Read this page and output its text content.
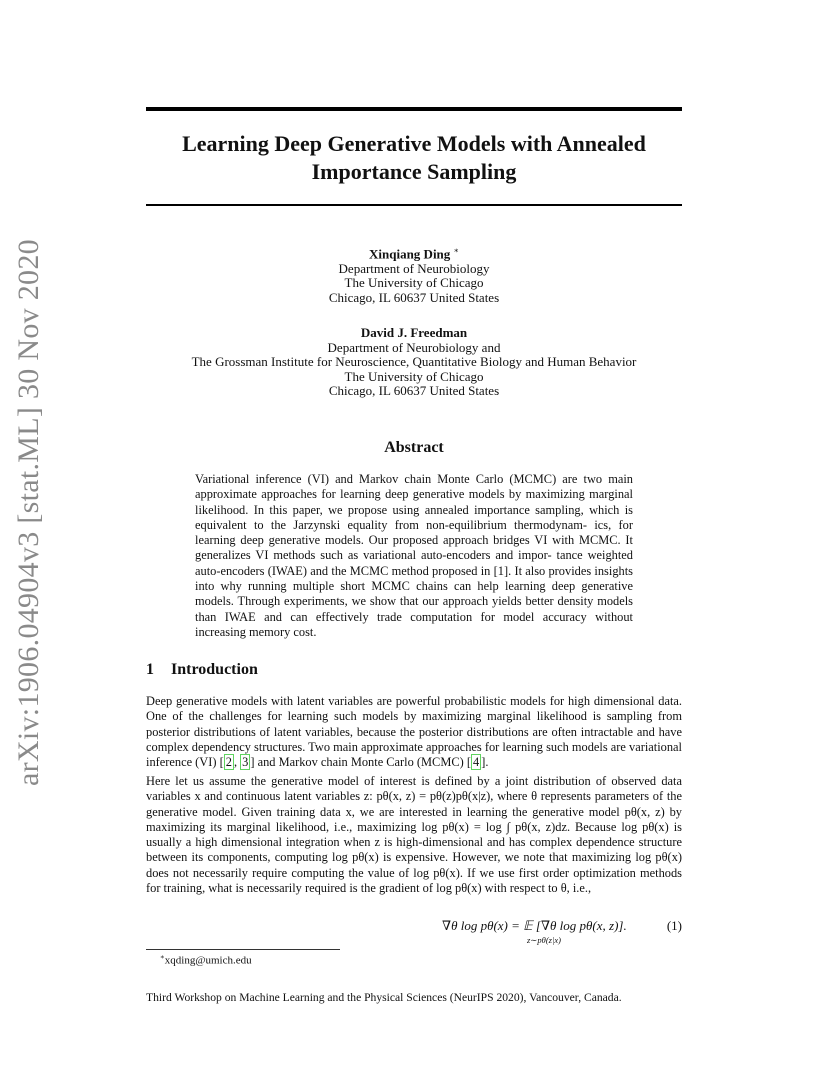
arXiv:1906.04904v3 [stat.ML] 30 Nov 2020
Learning Deep Generative Models with Annealed
Importance Sampling
Xinqiang Ding ∗
Department of Neurobiology
The University of Chicago
Chicago, IL 60637 United States
David J. Freedman
Department of Neurobiology and
The Grossman Institute for Neuroscience, Quantitative Biology and Human Behavior
The University of Chicago
Chicago, IL 60637 United States
Abstract
Variational inference (VI) and Markov chain Monte Carlo (MCMC) are two main approximate approaches for learning deep generative models by maximizing marginal likelihood. In this paper, we propose using annealed importance sampling, which is equivalent to the Jarzynski equality from non-equilibrium thermodynam- ics, for learning deep generative models. Our proposed approach bridges VI with MCMC. It generalizes VI methods such as variational auto-encoders and impor- tance weighted auto-encoders (IWAE) and the MCMC method proposed in [1]. It also provides insights into why running multiple short MCMC chains can help learning deep generative models. Through experiments, we show that our approach yields better density models than IWAE and can effectively trade computation for model accuracy without increasing memory cost.
1 Introduction

Deep generative models with latent variables are powerful probabilistic models for high dimensional data. One of the challenges for learning such models by maximizing marginal likelihood is sampling from posterior distributions of latent variables, because the posterior distributions are often intractable and have complex dependency structures. Two main approximate approaches for learning such models are variational inference (VI) [ 2 , 3 ] and Markov chain Monte Carlo (MCMC) [ 4 ].

Here let us assume the generative model of interest is defined by a joint distribution of observed data variables x and continuous latent variables z: pθ(x, z) = pθ(z)pθ(x|z), where θ represents parameters of the generative model. Given training data x, we are interested in learning the generative model pθ(x, z) by maximizing its marginal likelihood, i.e., maximizing log pθ(x) = log ∫ pθ(x, z)dz. Because log pθ(x) is usually a high dimensional integration when z is high-dimensional and has complex dependence structure between its components, computing log pθ(x) is expensive. However, we note that maximizing log pθ(x) does not necessarily require computing the value of log pθ(x). If we use first order optimization methods for training, what is necessarily required is the gradient of log pθ(x) with respect to θ, i.e.,

∇θ log pθ(x) = 𝔼 [∇θ log pθ(x, z)].
z∼pθ(z|x)
(1)
∗xqding@umich.edu
Third Workshop on Machine Learning and the Physical Sciences (NeurIPS 2020), Vancouver, Canada.
